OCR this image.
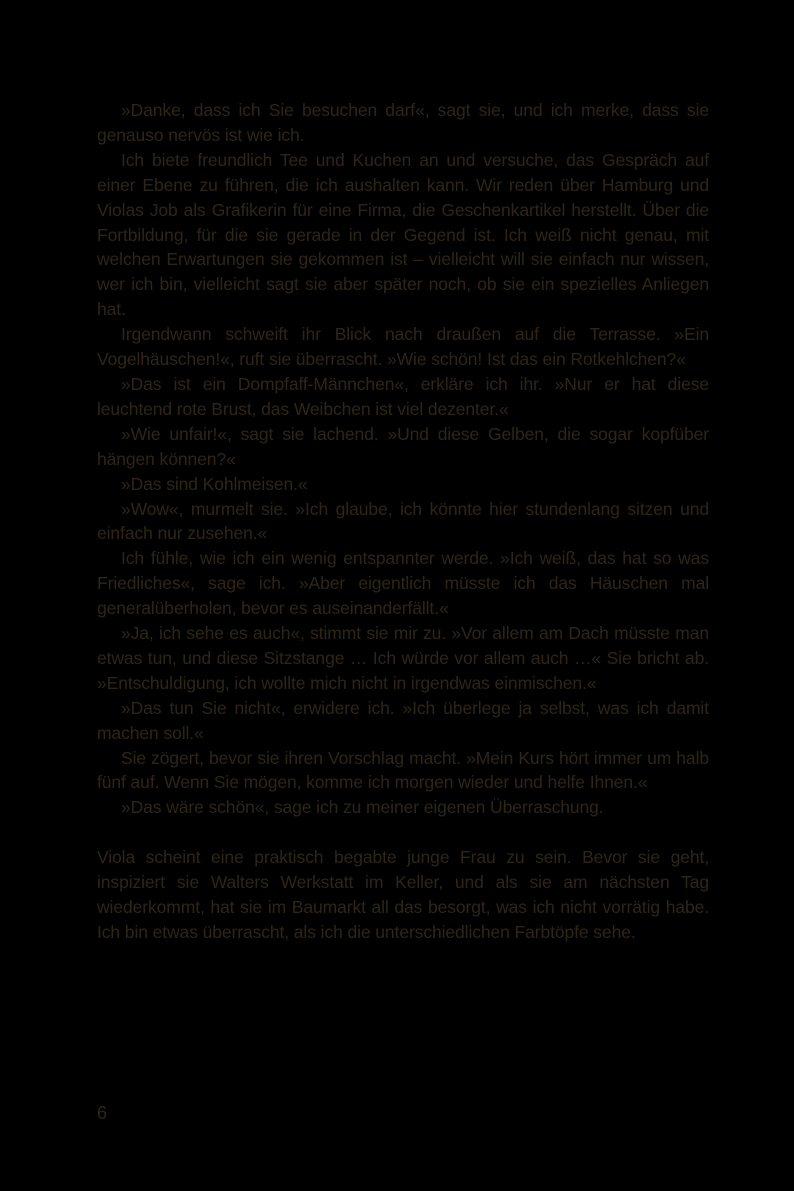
»Danke, dass ich Sie besuchen darf«, sagt sie, und ich merke, dass sie genauso nervös ist wie ich.

Ich biete freundlich Tee und Kuchen an und versuche, das Gespräch auf einer Ebene zu führen, die ich aushalten kann. Wir reden über Hamburg und Violas Job als Grafikerin für eine Firma, die Geschenkartikel herstellt. Über die Fortbildung, für die sie gerade in der Gegend ist. Ich weiß nicht genau, mit welchen Erwartungen sie gekommen ist – vielleicht will sie einfach nur wissen, wer ich bin, vielleicht sagt sie aber später noch, ob sie ein spezielles Anliegen hat.

Irgendwann schweift ihr Blick nach draußen auf die Terrasse. »Ein Vogelhäuschen!«, ruft sie überrascht. »Wie schön! Ist das ein Rotkehlchen?«

»Das ist ein Dompfaff-Männchen«, erkläre ich ihr. »Nur er hat diese leuchtend rote Brust, das Weibchen ist viel dezenter.«

»Wie unfair!«, sagt sie lachend. »Und diese Gelben, die sogar kopfüber hängen können?«

»Das sind Kohlmeisen.«

»Wow«, murmelt sie. »Ich glaube, ich könnte hier stundenlang sitzen und einfach nur zusehen.«

Ich fühle, wie ich ein wenig entspannter werde. »Ich weiß, das hat so was Friedliches«, sage ich. »Aber eigentlich müsste ich das Häuschen mal generalüberholen, bevor es auseinanderfällt.«

»Ja, ich sehe es auch«, stimmt sie mir zu. »Vor allem am Dach müsste man etwas tun, und diese Sitzstange … Ich würde vor allem auch …« Sie bricht ab. »Entschuldigung, ich wollte mich nicht in irgendwas einmischen.«

»Das tun Sie nicht«, erwidere ich. »Ich überlege ja selbst, was ich damit machen soll.«

Sie zögert, bevor sie ihren Vorschlag macht. »Mein Kurs hört immer um halb fünf auf. Wenn Sie mögen, komme ich morgen wieder und helfe Ihnen.«

»Das wäre schön«, sage ich zu meiner eigenen Überraschung.

Viola scheint eine praktisch begabte junge Frau zu sein. Bevor sie geht, inspiziert sie Walters Werkstatt im Keller, und als sie am nächsten Tag wiederkommt, hat sie im Baumarkt all das besorgt, was ich nicht vorrätig habe. Ich bin etwas überrascht, als ich die unterschiedlichen Farbtöpfe sehe.

6
